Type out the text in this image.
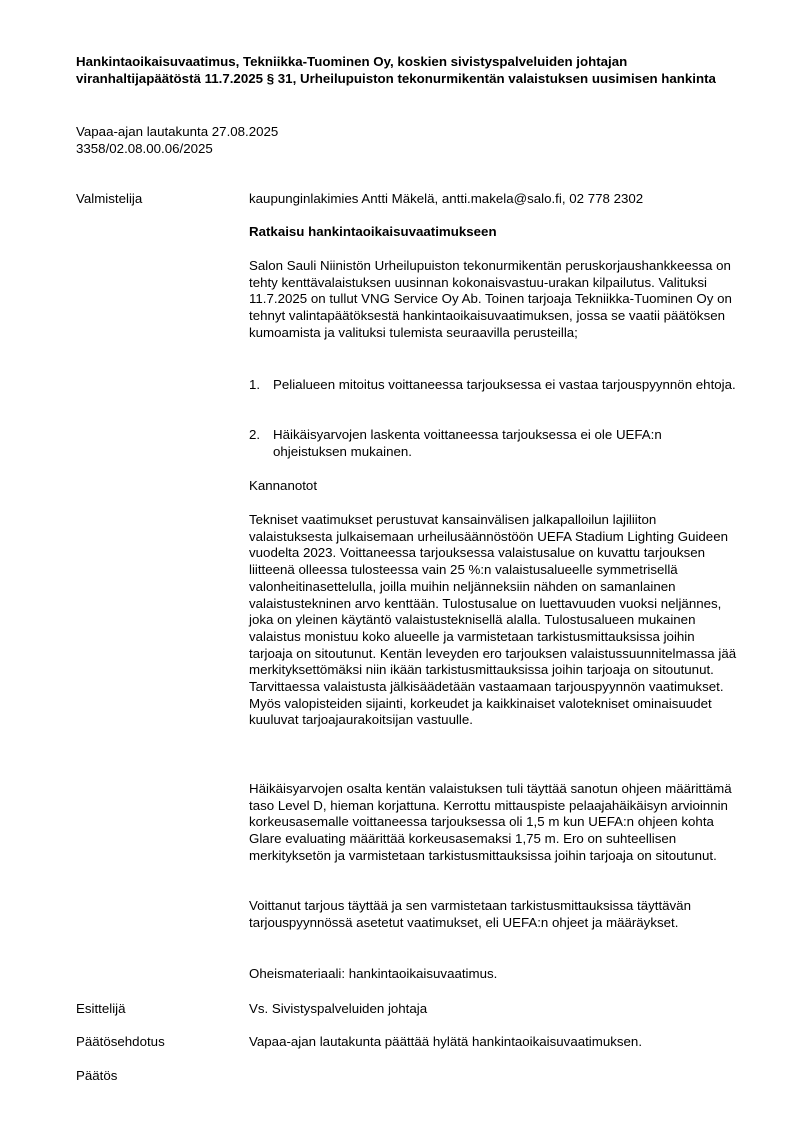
Hankintaoikaisuvaatimus, Tekniikka-Tuominen Oy, koskien sivistyspalveluiden johtajan viranhaltijapäätöstä 11.7.2025 § 31, Urheilupuiston tekonurmikentän valaistuksen uusimisen hankinta
Vapaa-ajan lautakunta 27.08.2025
3358/02.08.00.06/2025
Valmistelija	kaupunginlakimies Antti Mäkelä, antti.makela@salo.fi, 02 778 2302
Ratkaisu hankintaoikaisuvaatimukseen

Salon Sauli Niinistön Urheilupuiston tekonurmikentän peruskorjaushankkeessa on tehty kenttävalaistuksen uusinnan kokonaisvastuu-urakan kilpailutus. Valituksi 11.7.2025 on tullut VNG Service Oy Ab. Toinen tarjoaja Tekniikka-Tuominen Oy on tehnyt valintapäätöksestä hankintaoikaisuvaatimuksen, jossa se vaatii päätöksen kumoamista ja valituksi tulemista seuraavilla perusteilla;

1. Pelialueen mitoitus voittaneessa tarjouksessa ei vastaa tarjouspyynnön ehtoja.
2. Häikäisyarvojen laskenta voittaneessa tarjouksessa ei ole UEFA:n ohjeistuksen mukainen.
Kannanotot

Tekniset vaatimukset perustuvat kansainvälisen jalkapalloilun lajiliiton valaistuksesta julkaisemaan urheilusäännöstöön UEFA Stadium Lighting Guideen vuodelta 2023. Voittaneessa tarjouksessa valaistusalue on kuvattu tarjouksen liitteenä olleessa tulosteessa vain 25 %:n valaistusalueelle symmetrisellä valonheitinasettelulla, joilla muihin neljänneksiin nähden on samanlainen valaistustekninen arvo kenttään. Tulostusalue on luettavuuden vuoksi neljännes, joka on yleinen käytäntö valaistusteknisellä alalla. Tulostusalueen mukainen valaistus monistuu koko alueelle ja varmistetaan tarkistusmittauksissa joihin tarjoaja on sitoutunut. Kentän leveyden ero tarjouksen valaistussuunnitelmassa jää merkityksettömäksi niin ikään tarkistusmittauksissa joihin tarjoaja on sitoutunut. Tarvittaessa valaistusta jälkisäädetään vastaamaan tarjouspyynnön vaatimukset. Myös valopisteiden sijainti, korkeudet ja kaikkinaiset valotekniset ominaisuudet kuuluvat tarjoajaurakoitsijan vastuulle.

Häikäisyarvojen osalta kentän valaistuksen tuli täyttää sanotun ohjeen määrittämä taso Level D, hieman korjattuna. Kerrottu mittauspiste pelaajahäikäisyn arvioinnin korkeusasemalle voittaneessa tarjouksessa oli 1,5 m kun UEFA:n ohjeen kohta Glare evaluating määrittää korkeusasemaksi 1,75 m. Ero on suhteellisen merkityksetön ja varmistetaan tarkistusmittauksissa joihin tarjoaja on sitoutunut.

Voittanut tarjous täyttää ja sen varmistetaan tarkistusmittauksissa täyttävän tarjouspyynnössä asetetut vaatimukset, eli UEFA:n ohjeet ja määräykset.

Oheismateriaali: hankintaoikaisuvaatimus.
Esittelijä	Vs. Sivistyspalveluiden johtaja
Päätösehdotus	Vapaa-ajan lautakunta päättää hylätä hankintaoikaisuvaatimuksen.
Päätös
